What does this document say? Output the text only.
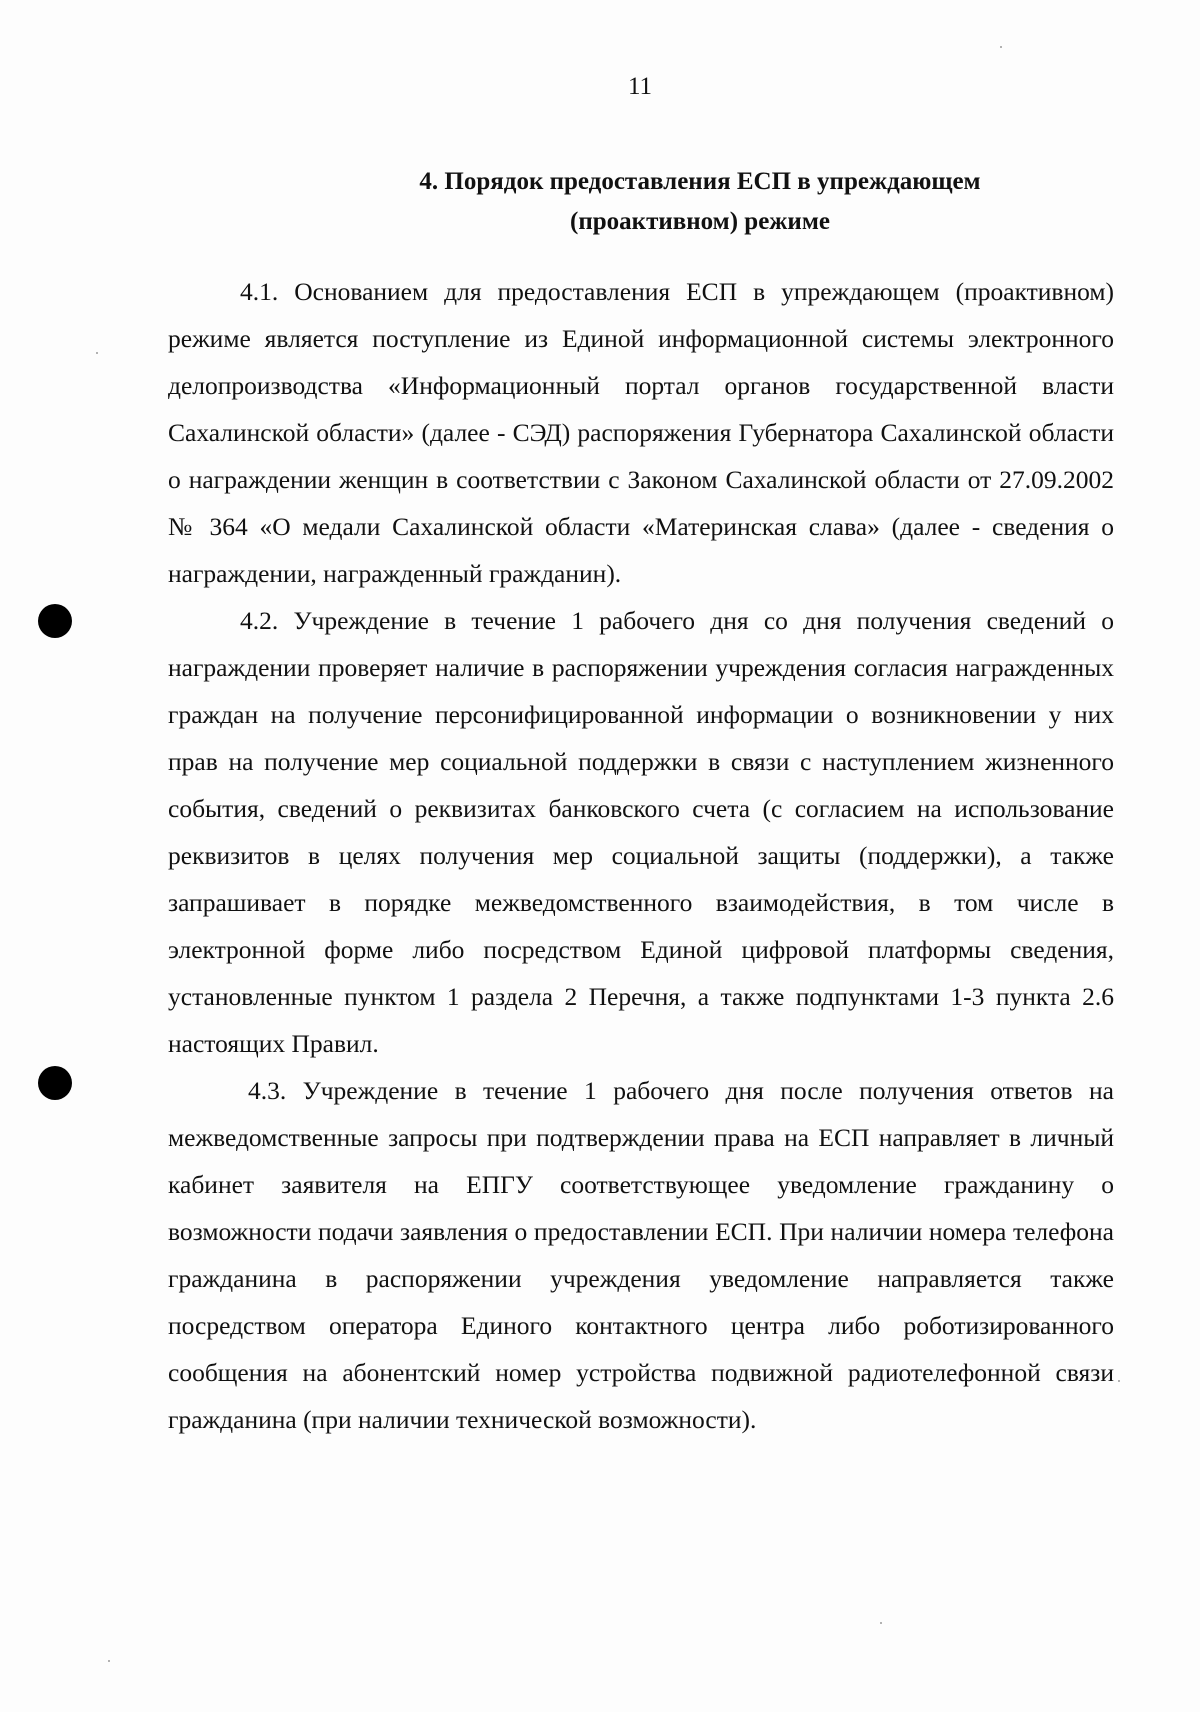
11
4. Порядок предоставления ЕСП в упреждающем
(проактивном) режиме

4.1. Основанием для предоставления ЕСП в упреждающем (проактивном) режиме является поступление из Единой информационной системы электронного делопроизводства «Информационный портал органов государственной власти Сахалинской области» (далее - СЭД) распоряжения Губернатора Сахалинской области о награждении женщин в соответствии с Законом Сахалинской области от 27.09.2002 № 364 «О медали Сахалинской области «Материнская слава» (далее - сведения о награждении, награжденный гражданин).

4.2. Учреждение в течение 1 рабочего дня со дня получения сведений о награждении проверяет наличие в распоряжении учреждения согласия награжденных граждан на получение персонифицированной информации о возникновении у них прав на получение мер социальной поддержки в связи с наступлением жизненного события, сведений о реквизитах банковского счета (с согласием на использование реквизитов в целях получения мер социальной защиты (поддержки), а также запрашивает в порядке межведомственного взаимодействия, в том числе в электронной форме либо посредством Единой цифровой платформы сведения, установленные пунктом 1 раздела 2 Перечня, а также подпунктами 1-3 пункта 2.6 настоящих Правил.

4.3. Учреждение в течение 1 рабочего дня после получения ответов на межведомственные запросы при подтверждении права на ЕСП направляет в личный кабинет заявителя на ЕПГУ соответствующее уведомление гражданину о возможности подачи заявления о предоставлении ЕСП. При наличии номера телефона гражданина в распоряжении учреждения уведомление направляется также посредством оператора Единого контактного центра либо роботизированного сообщения на абонентский номер устройства подвижной радиотелефонной связи гражданина (при наличии технической возможности).
